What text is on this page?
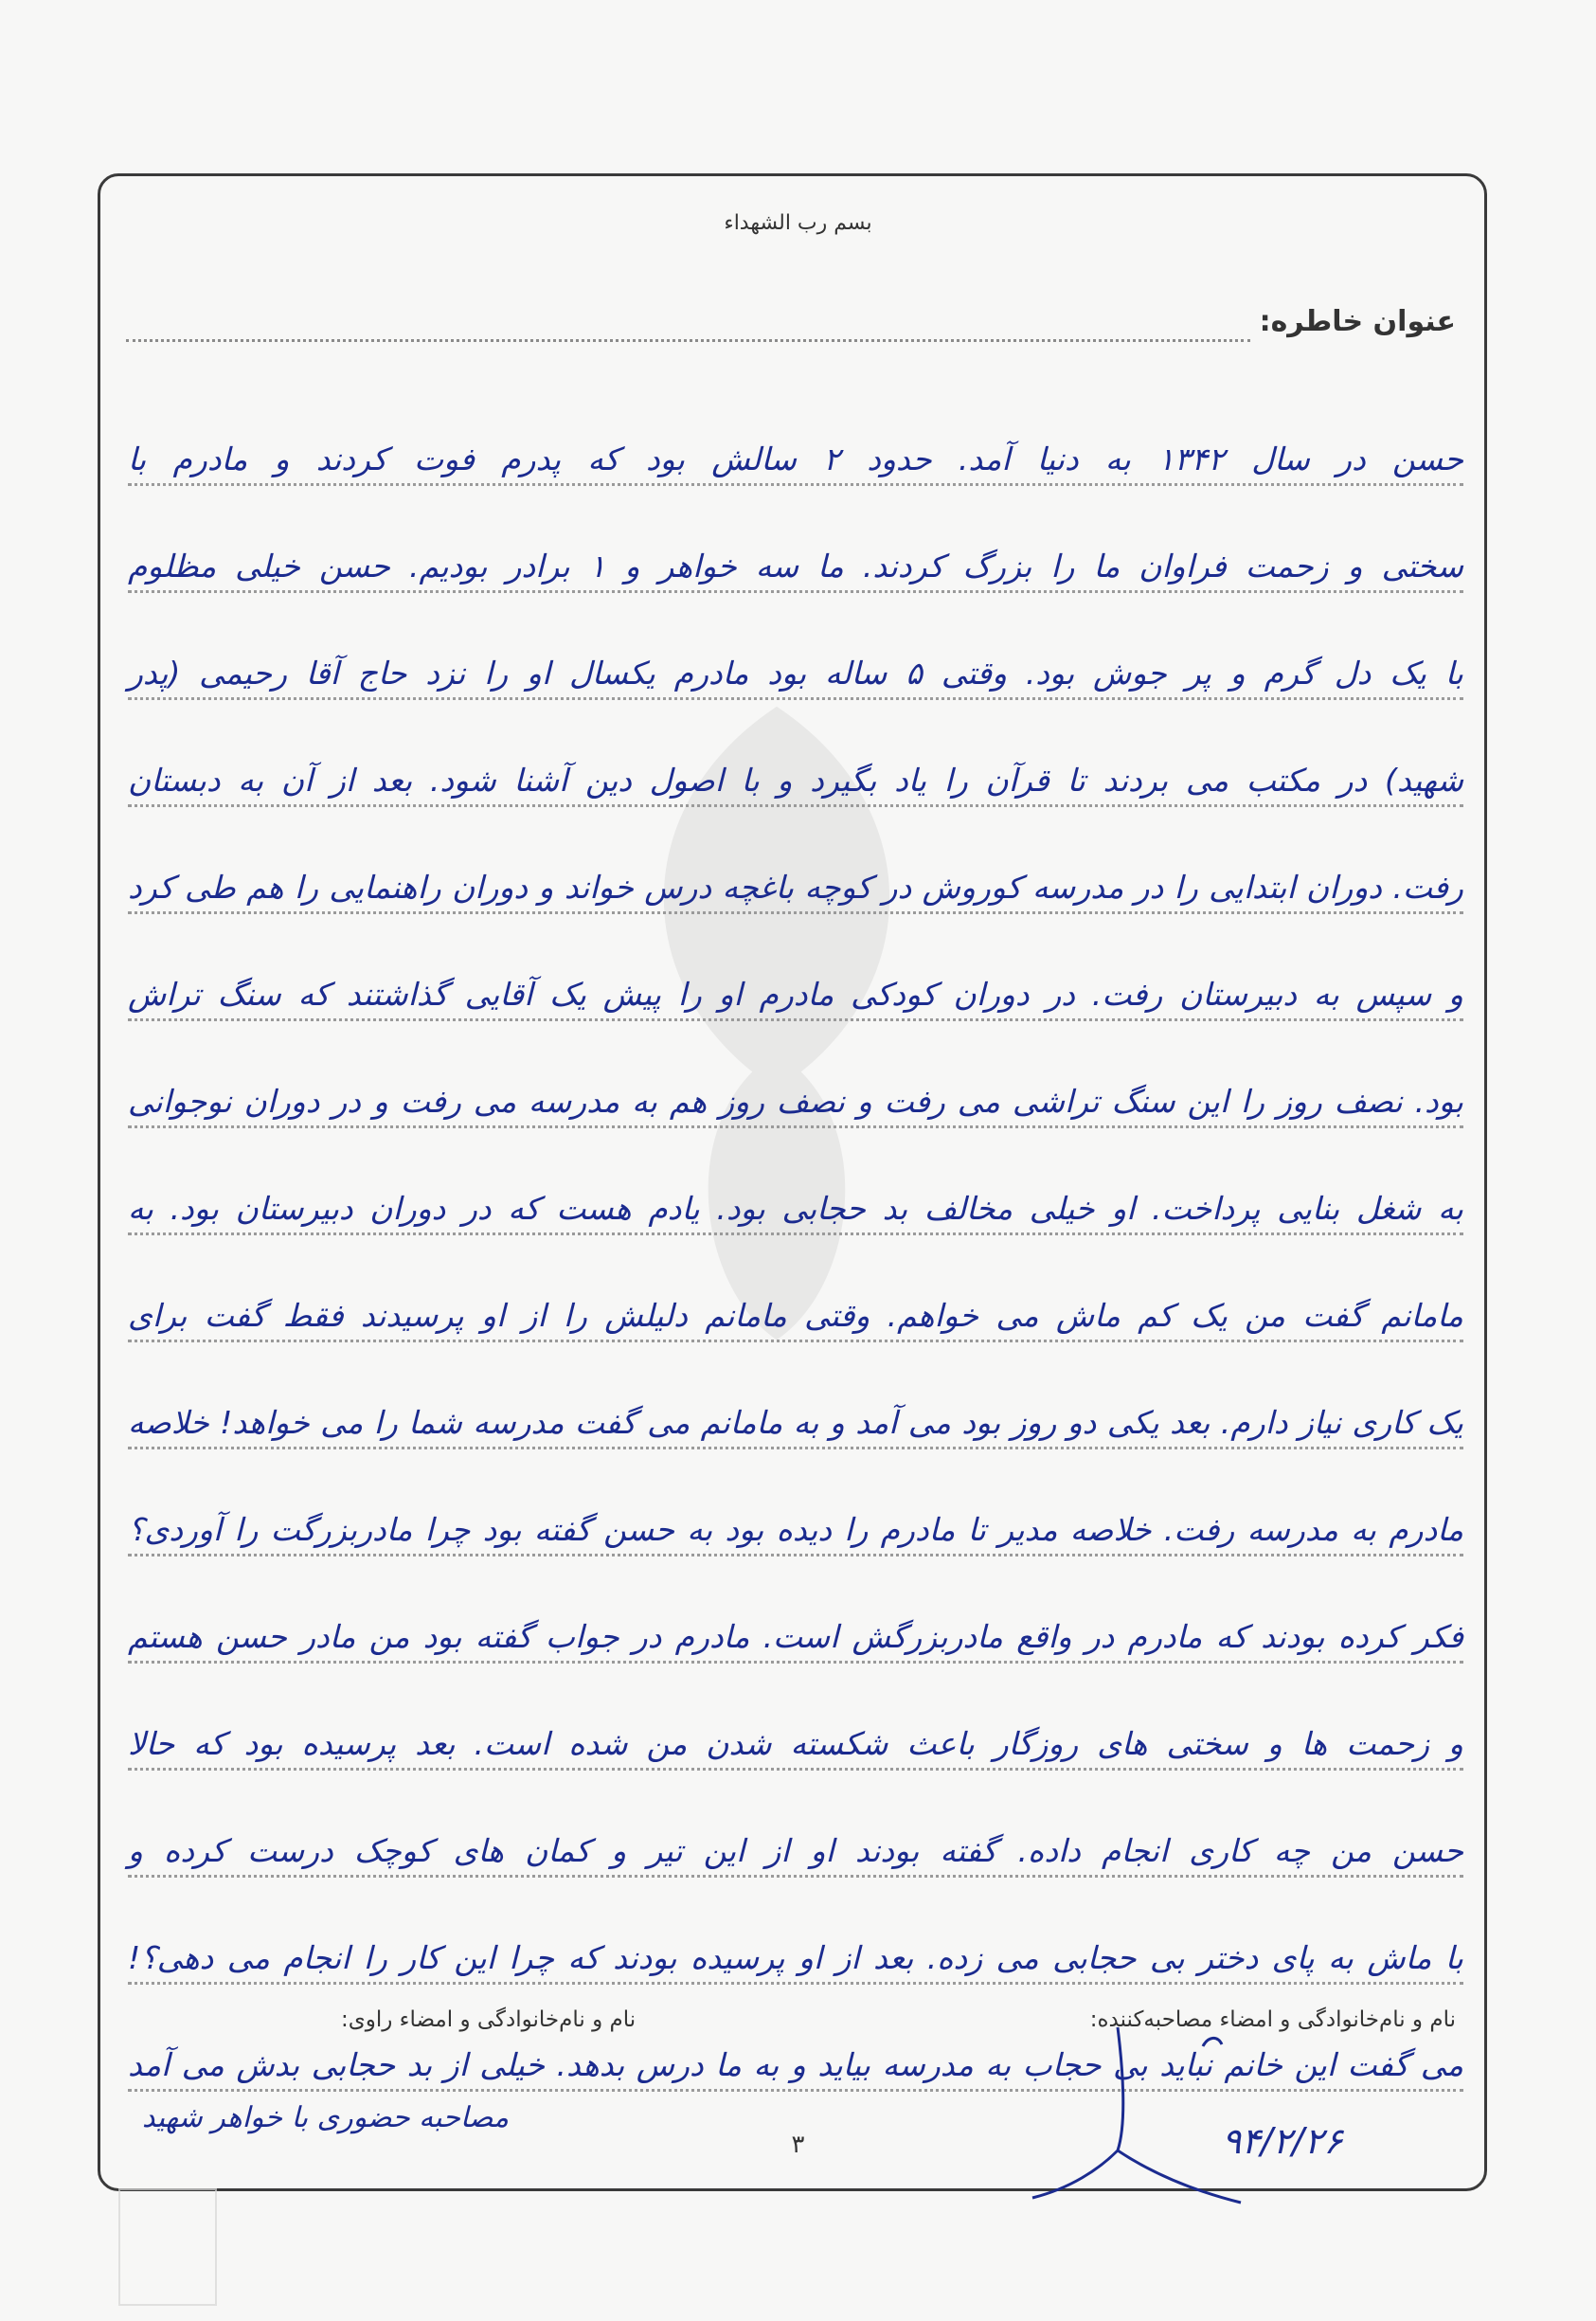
بسم رب الشهداء
عنوان خاطره:
حسن در سال ۱۳۴۲ به دنیا آمد. حدود ۲ سالش بود که پدرم فوت کردند و مادرم با
سختی و زحمت فراوان ما را بزرگ کردند. ما سه خواهر و ۱ برادر بودیم. حسن خیلی مظلوم
با یک دل گرم و پر جوش بود. وقتی ۵ ساله بود مادرم یکسال او را نزد حاج آقا رحیمی (پدر
شهید) در مکتب می بردند تا قرآن را یاد بگیرد و با اصول دین آشنا شود. بعد از آن به دبستان
رفت. دوران ابتدایی را در مدرسه کوروش در کوچه باغچه درس خواند و دوران راهنمایی را هم طی کرد
و سپس به دبیرستان رفت. در دوران کودکی مادرم او را پیش یک آقایی گذاشتند که سنگ تراش
بود. نصف روز را این سنگ تراشی می رفت و نصف روز هم به مدرسه می رفت و در دوران نوجوانی
به شغل بنایی پرداخت. او خیلی مخالف بد حجابی بود. یادم هست که در دوران دبیرستان بود. به
مامانم گفت من یک کم ماش می خواهم. وقتی مامانم دلیلش را از او پرسیدند فقط گفت برای
یک کاری نیاز دارم. بعد یکی دو روز بود می آمد و به مامانم می گفت مدرسه شما را می خواهد! خلاصه
مادرم به مدرسه رفت. خلاصه مدیر تا مادرم را دیده بود به حسن گفته بود چرا مادربزرگت را آوردی؟
فکر کرده بودند که مادرم در واقع مادربزرگش است. مادرم در جواب گفته بود من مادر حسن هستم
و زحمت ها و سختی های روزگار باعث شکسته شدن من شده است. بعد پرسیده بود که حالا
حسن من چه کاری انجام داده. گفته بودند او از این تیر و کمان های کوچک درست کرده و
با ماش به پای دختر بی حجابی می زده. بعد از او پرسیده بودند که چرا این کار را انجام می دهی؟!
می گفت این خانم نباید بی حجاب به مدرسه بیاید و به ما درس بدهد. خیلی از بد حجابی بدش می آمد
نام و نام‌خانوادگی و امضاء مصاحبه‌کننده:
نام و نام‌خانوادگی و امضاء راوی:
۳
مصاحبه حضوری با خواهر شهید
۹۴/۲/۲۶
